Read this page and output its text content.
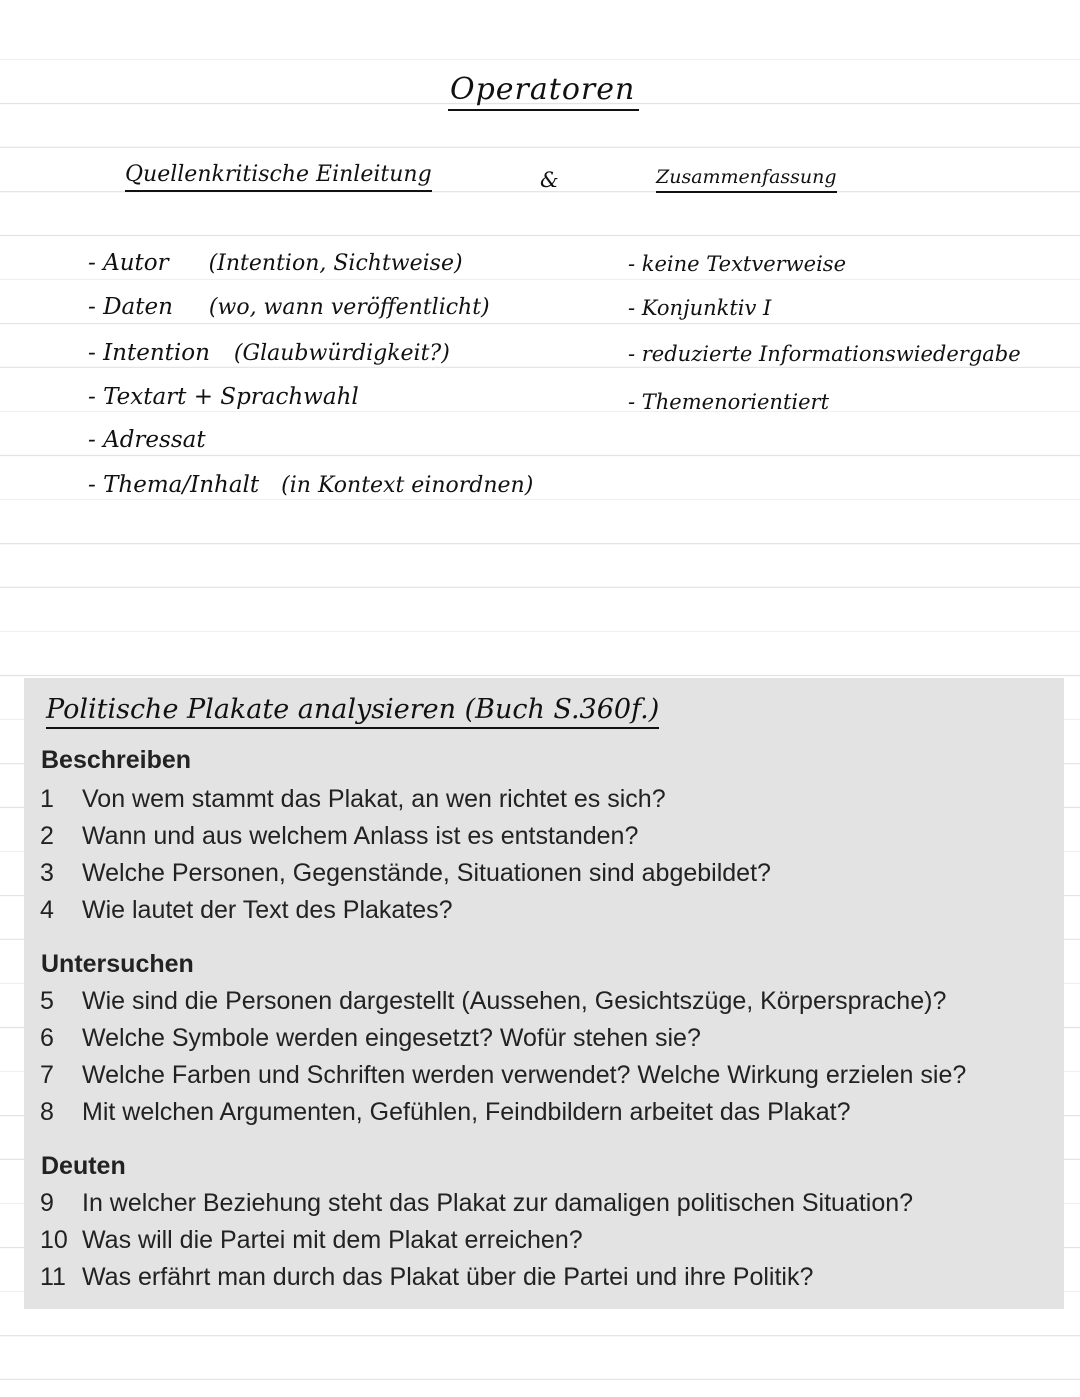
Operatoren
Quellenkritische Einleitung	&	Zusammenfassung
- Autor (Intention, Sichtweise)
- Daten (wo, wann veröffentlicht)
- Intention (Glaubwürdigkeit?)
- Textart + Sprachwahl
- Adressat
- Thema/Inhalt (in Kontext einordnen)
- keine Textverweise
- Konjunktiv I
- reduzierte Informationswiedergabe
- Themenorientiert
Politische Plakate analysieren (Buch S.360f.)
Beschreiben
1 Von wem stammt das Plakat, an wen richtet es sich?
2 Wann und aus welchem Anlass ist es entstanden?
3 Welche Personen, Gegenstände, Situationen sind abgebildet?
4 Wie lautet der Text des Plakates?
Untersuchen
5 Wie sind die Personen dargestellt (Aussehen, Gesichtszüge, Körpersprache)?
6 Welche Symbole werden eingesetzt? Wofür stehen sie?
7 Welche Farben und Schriften werden verwendet? Welche Wirkung erzielen sie?
8 Mit welchen Argumenten, Gefühlen, Feindbildern arbeitet das Plakat?
Deuten
9 In welcher Beziehung steht das Plakat zur damaligen politischen Situation?
10 Was will die Partei mit dem Plakat erreichen?
11 Was erfährt man durch das Plakat über die Partei und ihre Politik?
